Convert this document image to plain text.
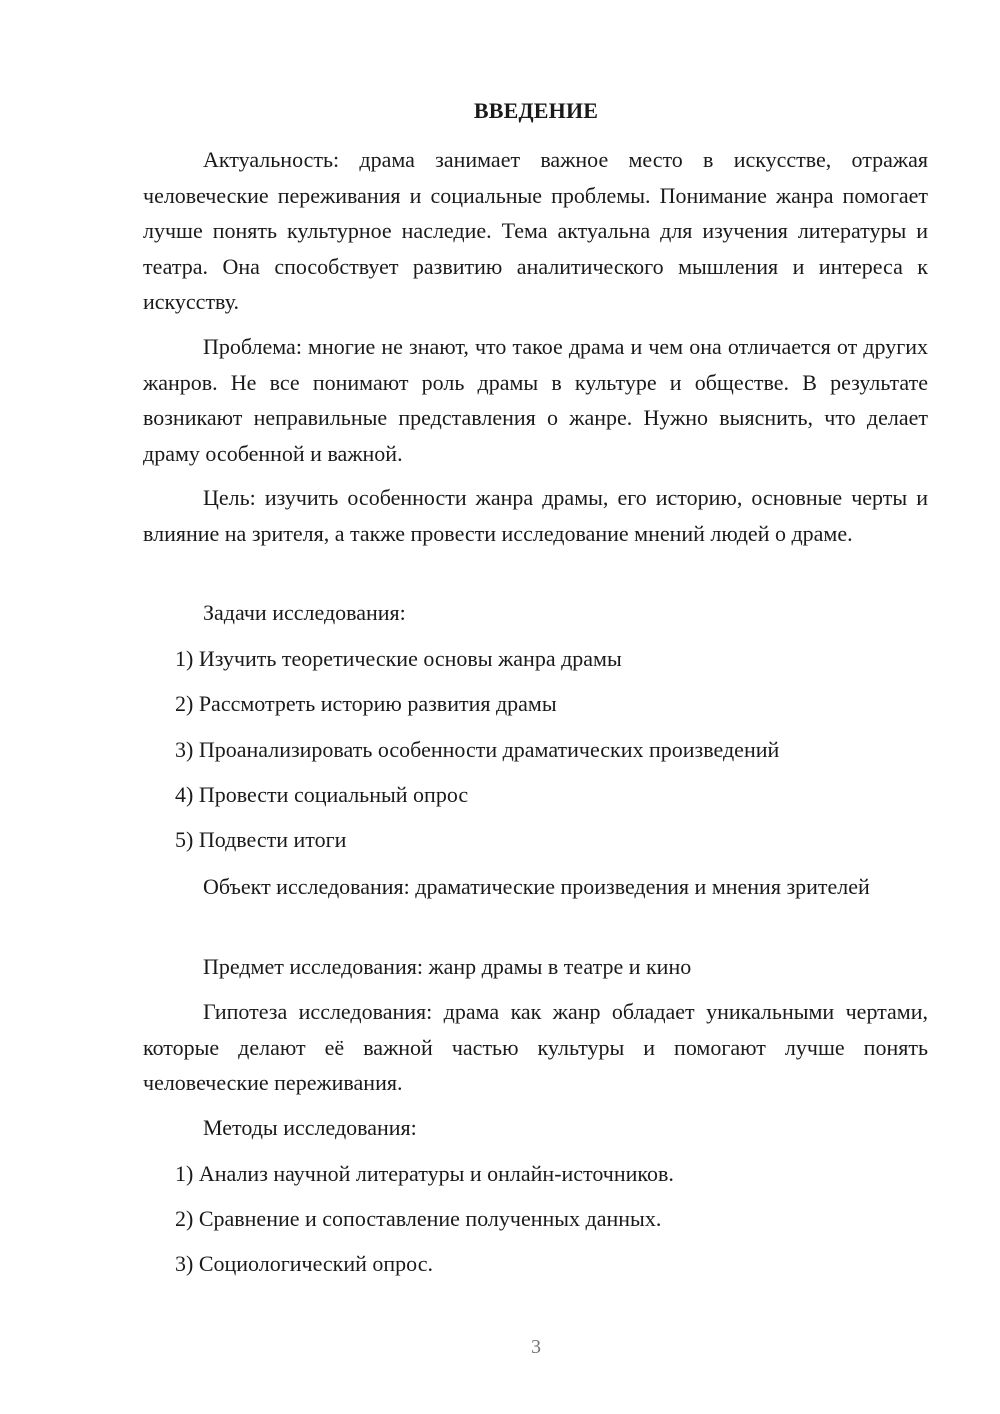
ВВЕДЕНИЕ

Актуальность: драма занимает важное место в искусстве, отражая человеческие переживания и социальные проблемы. Понимание жанра помогает лучше понять культурное наследие. Тема актуальна для изучения литературы и театра. Она способствует развитию аналитического мышления и интереса к искусству.

Проблема: многие не знают, что такое драма и чем она отличается от других жанров. Не все понимают роль драмы в культуре и обществе. В результате возникают неправильные представления о жанре. Нужно выяснить, что делает драму особенной и важной.

Цель: изучить особенности жанра драмы, его историю, основные черты и влияние на зрителя, а также провести исследование мнений людей о драме.

Задачи исследования:

1) Изучить теоретические основы жанра драмы

2) Рассмотреть историю развития драмы

3) Проанализировать особенности драматических произведений

4) Провести социальный опрос

5) Подвести итоги

Объект исследования: драматические произведения и мнения зрителей

Предмет исследования: жанр драмы в театре и кино

Гипотеза исследования: драма как жанр обладает уникальными чертами, которые делают её важной частью культуры и помогают лучше понять человеческие переживания.

Методы исследования:

1) Анализ научной литературы и онлайн-источников.

2) Сравнение и сопоставление полученных данных.

3) Социологический опрос.

3
